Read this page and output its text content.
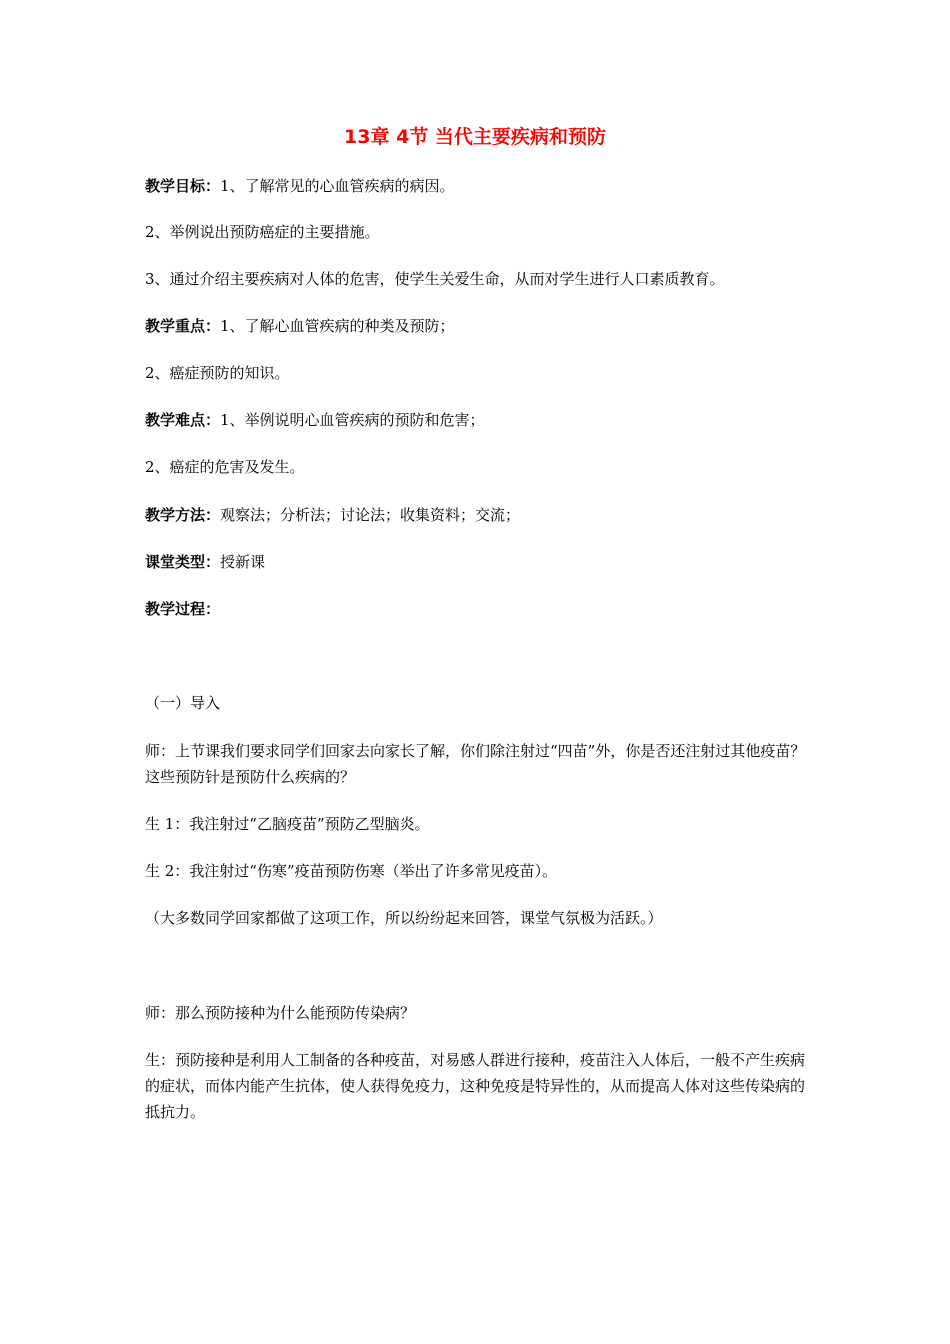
13章 4节 当代主要疾病和预防
教学目标：1、了解常见的心血管疾病的病因。
2、举例说出预防癌症的主要措施。
3、通过介绍主要疾病对人体的危害，使学生关爱生命，从而对学生进行人口素质教育。
教学重点：1、了解心血管疾病的种类及预防；
2、癌症预防的知识。
教学难点：1、举例说明心血管疾病的预防和危害；
2、癌症的危害及发生。
教学方法：观察法；分析法；讨论法；收集资料；交流；
课堂类型：授新课
教学过程：
（一）导入
师：上节课我们要求同学们回家去向家长了解，你们除注射过“四苗”外，你是否还注射过其他疫苗？这些预防针是预防什么疾病的？
生 1：我注射过“乙脑疫苗”预防乙型脑炎。
生 2：我注射过“伤寒”疫苗预防伤寒（举出了许多常见疫苗）。
（大多数同学回家都做了这项工作，所以纷纷起来回答，课堂气氛极为活跃。）
师：那么预防接种为什么能预防传染病？
生：预防接种是利用人工制备的各种疫苗，对易感人群进行接种，疫苗注入人体后，一般不产生疾病的症状，而体内能产生抗体，使人获得免疫力，这种免疫是特异性的，从而提高人体对这些传染病的抵抗力。
